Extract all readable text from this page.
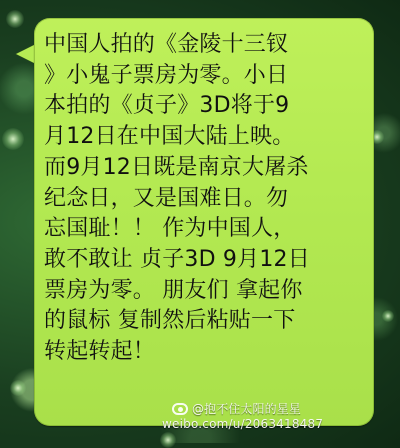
中国人拍的《金陵十三钗
》小鬼子票房为零。小日
本拍的《贞子》3D将于9
月12日在中国大陆上映。
而9月12日既是南京大屠杀
纪念日，又是国难日。勿
忘国耻！！ 作为中国人，
敢不敢让 贞子3D 9月12日
票房为零。 朋友们 拿起你
的鼠标 复制然后粘贴一下
转起转起！
@抱不住太阳的星星
weibo.com/u/2063418487
